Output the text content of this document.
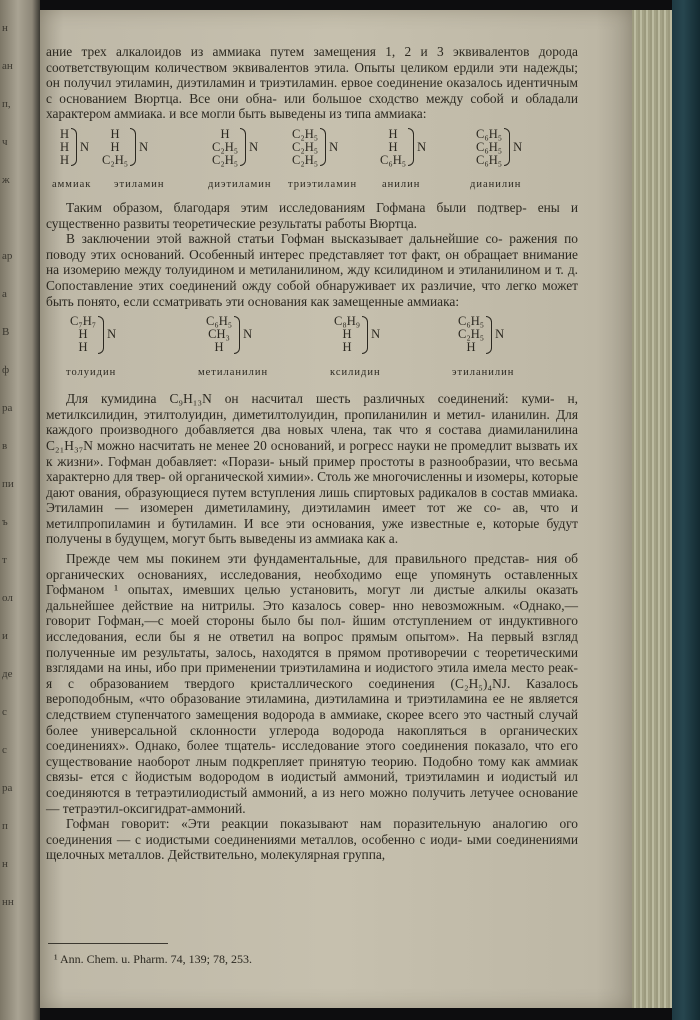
н
ан
п,
ч
ж
ар
а
В
ф
ра
в
пи
ъ
т
ол
и
де
с
с
ра
п
н
нн

ание трех алкалоидов из аммиака путем замещения 1, 2 и 3 эквивалентов дорода соответствующим количеством эквивалентов этила. Опыты целиком ердили эти надежды; он получил этиламин, диэтиламин и триэтиламин. ервое соединение оказалось идентичным с основанием Вюртца. Все они обна- или большое сходство между собой и обладали характером аммиака. и все могли быть выведены из типа аммиака:

H
H
H
N
H
H
C₂H₅
N
H
C₂H₅
C₂H₅
N
C₂H₅
C₂H₅
C₂H₅
N
H
H
C₆H₅
N
C₆H₅
C₆H₅
C₆H₅
N
аммиак этиламин	диэтиламин триэтиламин анилин	дианилин

Таким образом, благодаря этим исследованиям Гофмана были подтвер- ены и существенно развиты теоретические результаты работы Вюртца.

В заключении этой важной статьи Гофман высказывает дальнейшие со- ражения по поводу этих оснований. Особенный интерес представляет тот факт, он обращает внимание на изомерию между толуидином и метиланилином, жду ксилидином и этиланилином и т. д. Сопоставление этих соединений ожду собой обнаруживает их различие, что легко может быть понято, если ссматривать эти основания как замещенные аммиака:

C₇H₇
H
H
N
C₆H₅
CH₃
H
N
C₈H₉
H
H
N
C₆H₅
C₂H₅
H
N
толуидин	метиланилин	ксилидин	этиланилин

Для кумидина C₉H₁₃N он насчитал шесть различных соединений: куми- н, метилксилидин, этилтолуидин, диметилтолуидин, пропиланилин и метил- иланилин. Для каждого производного добавляется два новых члена, так что я состава диамиланилина C₂₁H₃₇N можно насчитать не менее 20 оснований, и рогресс науки не промедлит вызвать их к жизни». Гофман добавляет: «Порази- ьный пример простоты в разнообразии, что весьма характерно для твер- ой органической химии». Столь же многочисленны и изомеры, которые дают ования, образующиеся путем вступления лишь спиртовых радикалов в состав ммиака. Этиламин — изомерен диметиламину, диэтиламин имеет тот же со- ав, что и метилпропиламин и бутиламин. И все эти основания, уже известные е, которые будут получены в будущем, могут быть выведены из аммиака как а.

Прежде чем мы покинем эти фундаментальные, для правильного представ- ния об органических основаниях, исследования, необходимо еще упомянуть оставленных Гофманом ¹ опытах, имевших целью установить, могут ли дистые алкилы оказать дальнейшее действие на нитрилы. Это казалось совер- нно невозможным. «Однако,—говорит Гофман,—с моей стороны было бы пол- йшим отступлением от индуктивного исследования, если бы я не ответил на вопрос прямым опытом». На первый взгляд полученные им результаты, залось, находятся в прямом противоречии с теоретическими взглядами на ины, ибо при применении триэтиламина и иодистого этила имела место реак- я с образованием твердого кристаллического соединения (C₂H₅)₄NJ. Казалось вероподобным, «что образование этиламина, диэтиламина и триэтиламина ее не является следствием ступенчатого замещения водорода в аммиаке, скорее всего это частный случай более универсальной склонности углерода водорода накопляться в органических соединениях». Однако, более тщатель- исследование этого соединения показало, что его существование наоборот лным подкрепляет принятую теорию. Подобно тому как аммиак связы- ется с йодистым водородом в иодистый аммоний, триэтиламин и иодистый ил соединяются в тетраэтилиодистый аммоний, а из него можно получить летучее основание — тетраэтил-оксигидрат-аммоний.

Гофман говорит: «Эти реакции показывают нам поразительную аналогию ого соединения — с иодистыми соединениями металлов, особенно с иоди- ыми соединениями щелочных металлов. Действительно, молекулярная группа,

¹ Ann. Chem. u. Pharm. 74, 139; 78, 253.
